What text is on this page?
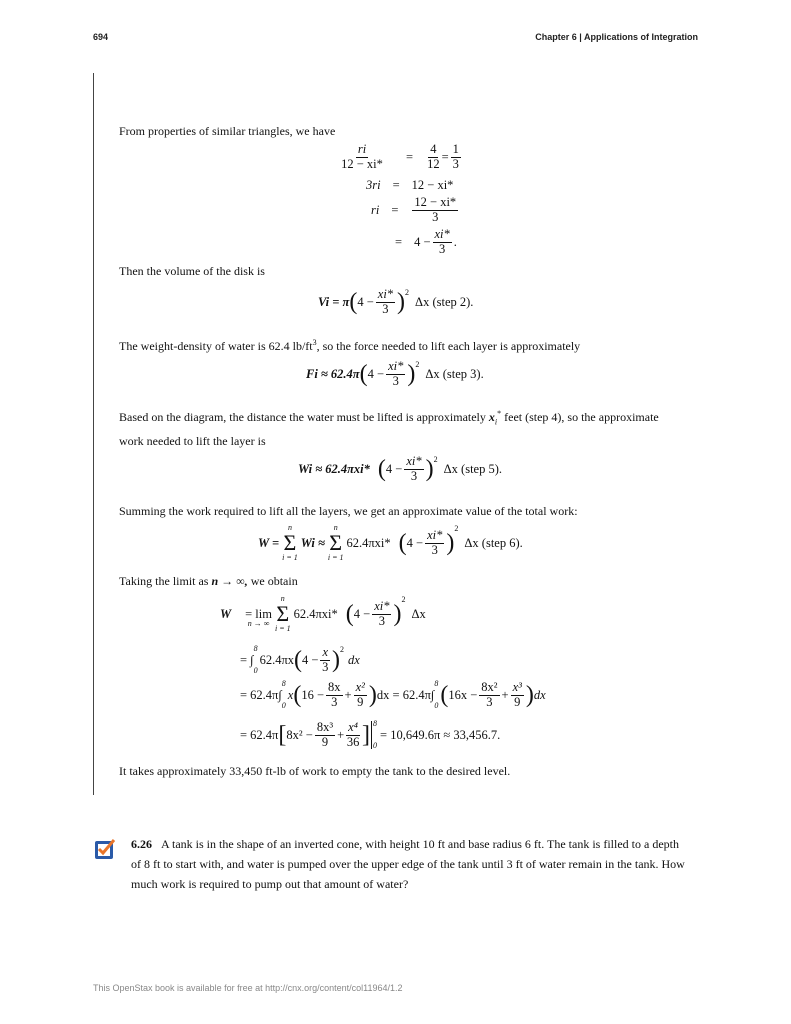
694	Chapter 6 | Applications of Integration
From properties of similar triangles, we have
$\frac{ri}{12 - xi*} = \frac{4}{12} = \frac{1}{3}$
3ri = 12 − xi*
ri = $\frac{12 - xi*}{3}$
= $4 - \frac{xi*}{3}$ .
Then the volume of the disk is
Vi = π ( $4 - \frac{xi*}{3} )^2$
Δx (step 2).
The weight-density of water is 62.4 $lb/ft^3$, so the force needed to lift each layer is approximately
Fi ≈ 62.4π ( $4 - \frac{xi*}{3} )^2$
Δx (step 3).
Based on the diagram, the distance the water must be lifted is approximately $x_i^*$ feet (step 4), so the approximate
work needed to lift the layer is
Wi ≈ 62.4πxi* ( $4 - \frac{xi*}{3} )^2$
Δx (step 5).
Summing the work required to lift all the layers, we get an approximate value of the total work:
W =
n
Σ
i = 1
Wi ≈
n
Σ
i = 1
62.4πxi* ( $4 - \frac{xi*}{3}$ )
$^2$
Δx (step 6).
Taking the limit as n → ∞, we obtain
W
= lim
n → ∞
n
Σ
i = 1
62.4πxi* ( $4 - \frac{xi*}{3}$ )
$^2$
Δx
= ∫
8
0
62.4πx ( $4 - \frac{x}{3} )^2$
dx
= 62.4π∫
8
0
x ( $16 - \frac{8x}{3} + \frac{\text{x²}}{9}$ ) dx = 62.4π∫
8
0 ( $16x - \frac{\text{8x²}}{3} + \frac{\text{x³}}{9}$ ) dx
= 62.4π [ $8x^2 - \frac{\text{8x³}}{9} + \frac{\text{x⁴}}{36}$ ] 8
0
= 10,649.6π ≈ 33,456.7.
It takes approximately 33,450 ft-lb of work to empty the tank to the desired level.
6.26 A tank is in the shape of an inverted cone, with height 10 ft and base radius 6 ft. The tank is filled to a depth of 8 ft to start with, and water is pumped over the upper edge of the tank until 3 ft of water remain in the tank. How much work is required to pump out that amount of water?
This OpenStax book is available for free at http://cnx.org/content/col11964/1.2
